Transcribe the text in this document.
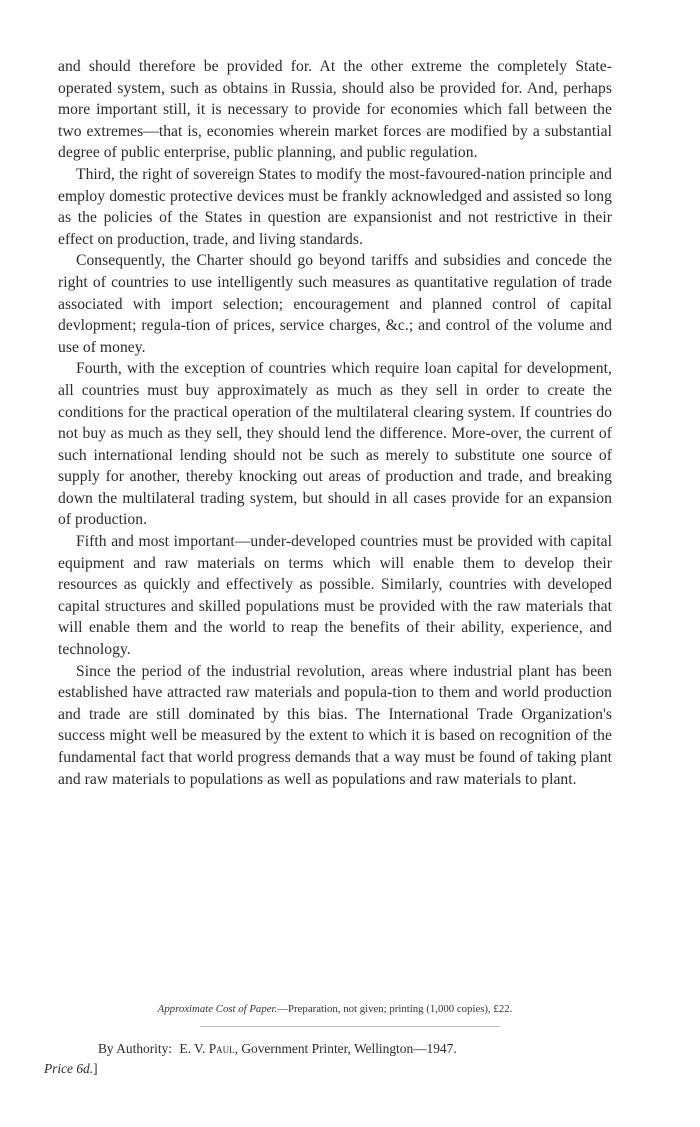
and should therefore be provided for. At the other extreme the completely State-operated system, such as obtains in Russia, should also be provided for. And, perhaps more important still, it is necessary to provide for economies which fall between the two extremes—that is, economies wherein market forces are modified by a substantial degree of public enterprise, public planning, and public regulation.

Third, the right of sovereign States to modify the most-favoured-nation principle and employ domestic protective devices must be frankly acknowledged and assisted so long as the policies of the States in question are expansionist and not restrictive in their effect on production, trade, and living standards.

Consequently, the Charter should go beyond tariffs and subsidies and concede the right of countries to use intelligently such measures as quantitative regulation of trade associated with import selection; encouragement and planned control of capital devlopment; regula-tion of prices, service charges, &c.; and control of the volume and use of money.

Fourth, with the exception of countries which require loan capital for development, all countries must buy approximately as much as they sell in order to create the conditions for the practical operation of the multilateral clearing system. If countries do not buy as much as they sell, they should lend the difference. More-over, the current of such international lending should not be such as merely to substitute one source of supply for another, thereby knocking out areas of production and trade, and breaking down the multilateral trading system, but should in all cases provide for an expansion of production.

Fifth and most important—under-developed countries must be provided with capital equipment and raw materials on terms which will enable them to develop their resources as quickly and effectively as possible. Similarly, countries with developed capital structures and skilled populations must be provided with the raw materials that will enable them and the world to reap the benefits of their ability, experience, and technology.

Since the period of the industrial revolution, areas where industrial plant has been established have attracted raw materials and popula-tion to them and world production and trade are still dominated by this bias. The International Trade Organization's success might well be measured by the extent to which it is based on recognition of the fundamental fact that world progress demands that a way must be found of taking plant and raw materials to populations as well as populations and raw materials to plant.

Approximate Cost of Paper.—Preparation, not given; printing (1,000 copies), £22.
By Authority: E. V. Paul, Government Printer, Wellington—1947.
Price 6d.]
